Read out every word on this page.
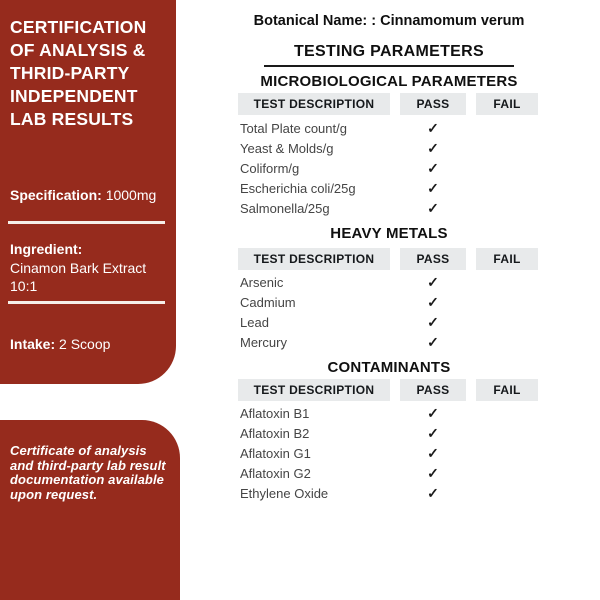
CERTIFICATION OF ANALYSIS & THRID-PARTY INDEPENDENT LAB RESULTS

Specification: 1000mg

Ingredient:
Cinamon Bark Extract 10:1

Intake: 2 Scoop

Certificate of analysis and third-party lab result documentation available upon request.

Botanical Name: : Cinnamomum verum

TESTING PARAMETERS
MICROBIOLOGICAL PARAMETERS
TEST DESCRIPTION	PASS	FAIL
Total Plate count/g	✓
Yeast & Molds/g	✓
Coliform/g	✓
Escherichia coli/25g	✓
Salmonella/25g	✓
HEAVY METALS
TEST DESCRIPTION	PASS	FAIL
Arsenic	✓
Cadmium	✓
Lead	✓
Mercury	✓
CONTAMINANTS
TEST DESCRIPTION	PASS	FAIL
Aflatoxin B1	✓
Aflatoxin B2	✓
Aflatoxin G1	✓
Aflatoxin G2	✓
Ethylene Oxide	✓
